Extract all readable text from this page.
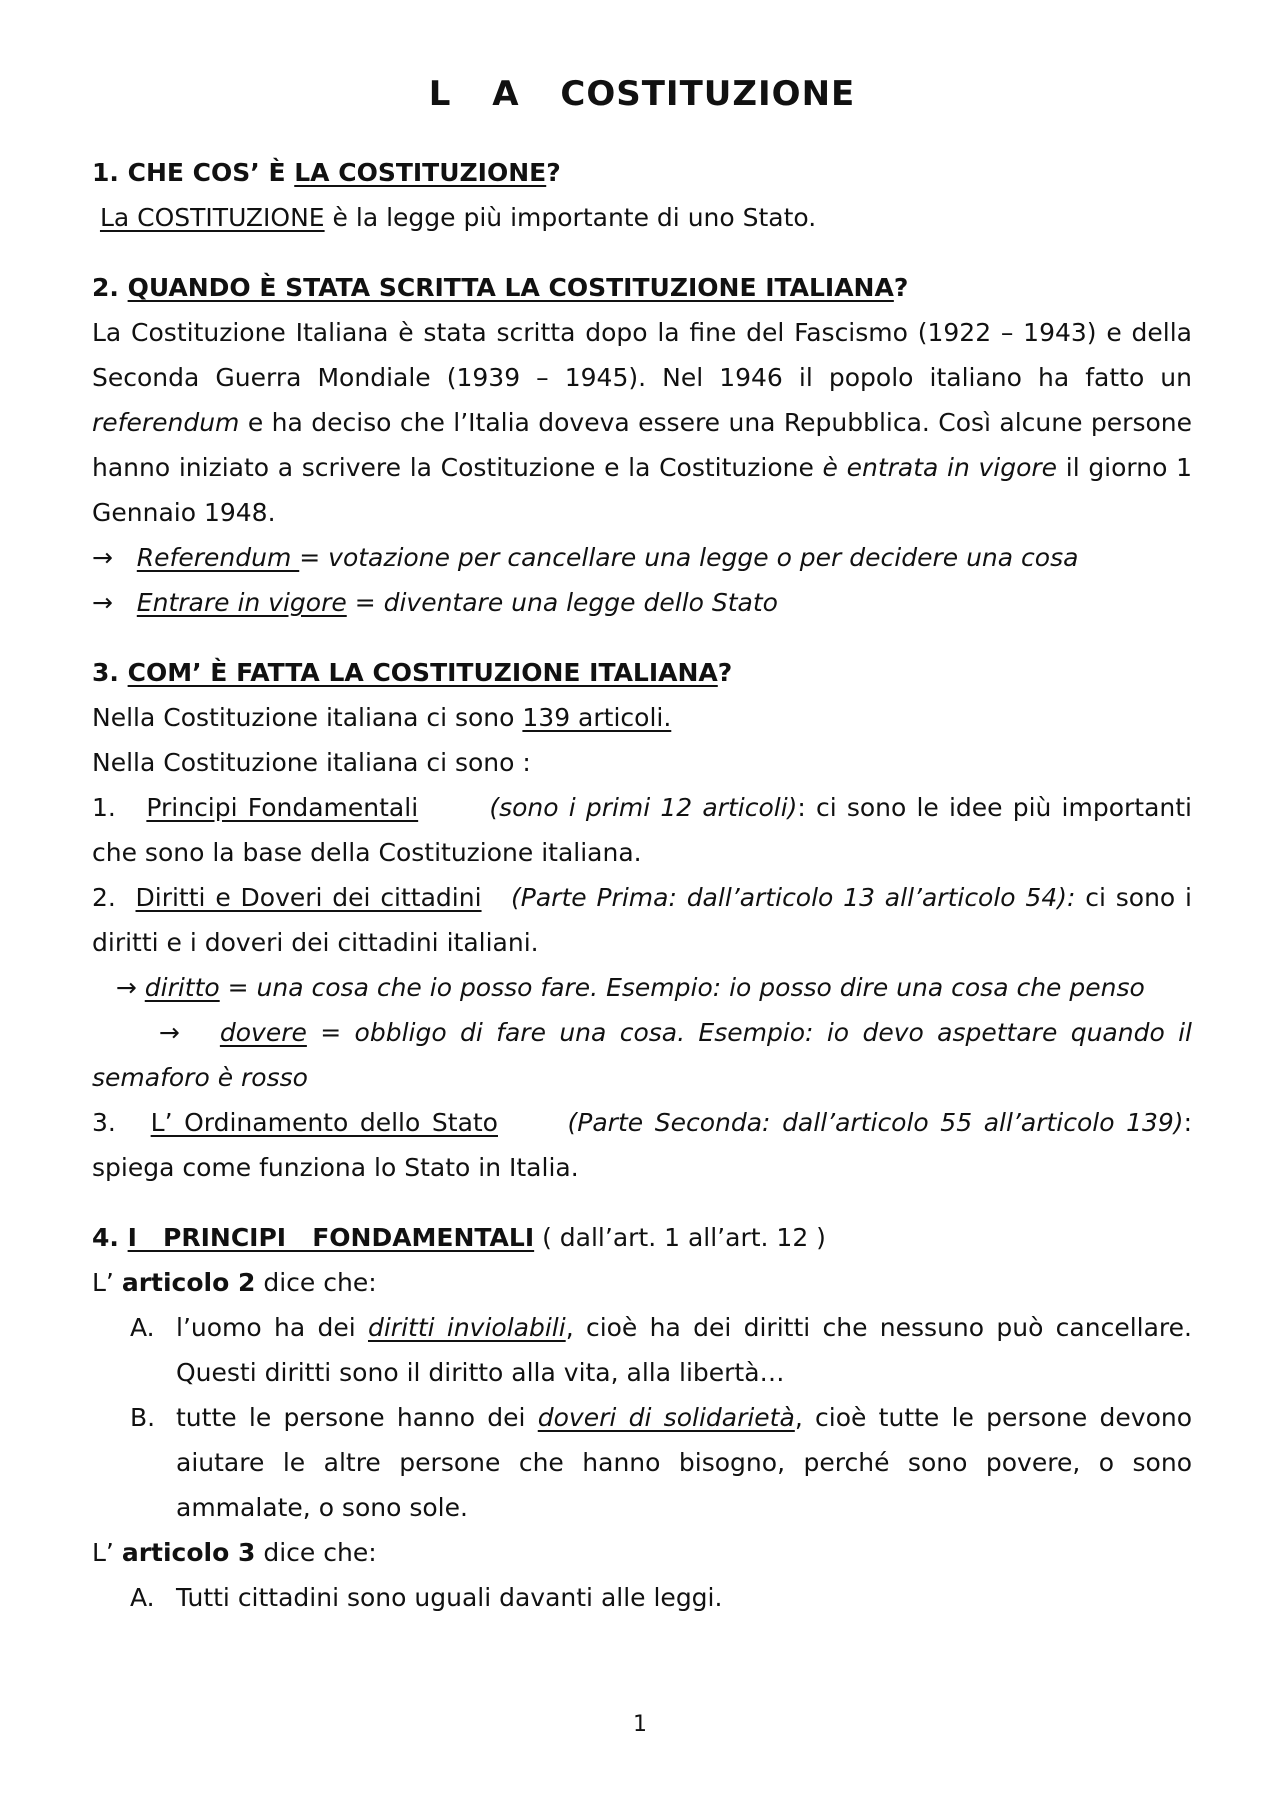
L A COSTITUZIONE

1. CHE COS’ È LA COSTITUZIONE?

La COSTITUZIONE è la legge più importante di uno Stato.

2. QUANDO È STATA SCRITTA LA COSTITUZIONE ITALIANA?

La Costituzione Italiana è stata scritta dopo la fine del Fascismo (1922 – 1943) e della Seconda Guerra Mondiale (1939 – 1945). Nel 1946 il popolo italiano ha fatto un referendum e ha deciso che l’Italia doveva essere una Repubblica. Così alcune persone hanno iniziato a scrivere la Costituzione e la Costituzione è entrata in vigore il giorno 1 Gennaio 1948.

→ Referendum = votazione per cancellare una legge o per decidere una cosa

→ Entrare in vigore = diventare una legge dello Stato

3. COM’ È FATTA LA COSTITUZIONE ITALIANA?

Nella Costituzione italiana ci sono 139 articoli.

Nella Costituzione italiana ci sono :

1. Principi Fondamentali	(sono i primi 12 articoli): ci sono le idee più importanti che sono la base della Costituzione italiana.

2. Diritti e Doveri dei cittadini (Parte Prima: dall’articolo 13 all’articolo 54): ci sono i diritti e i doveri dei cittadini italiani.

→ diritto = una cosa che io posso fare. Esempio: io posso dire una cosa che penso

→ dovere = obbligo di fare una cosa. Esempio: io devo aspettare quando il semaforo è rosso

3. L’ Ordinamento dello Stato	(Parte Seconda: dall’articolo 55 all’articolo 139): spiega come funziona lo Stato in Italia.

4. I   PRINCIPI   FONDAMENTALI ( dall’art. 1 all’art. 12 )

L’ articolo 2 dice che:

A. l’uomo ha dei diritti inviolabili, cioè ha dei diritti che nessuno può cancellare. Questi diritti sono il diritto alla vita, alla libertà…
B. tutte le persone hanno dei doveri di solidarietà, cioè tutte le persone devono aiutare le altre persone che hanno bisogno, perché sono povere, o sono ammalate, o sono sole.

L’ articolo 3 dice che:

A. Tutti cittadini sono uguali davanti alle leggi.
1
